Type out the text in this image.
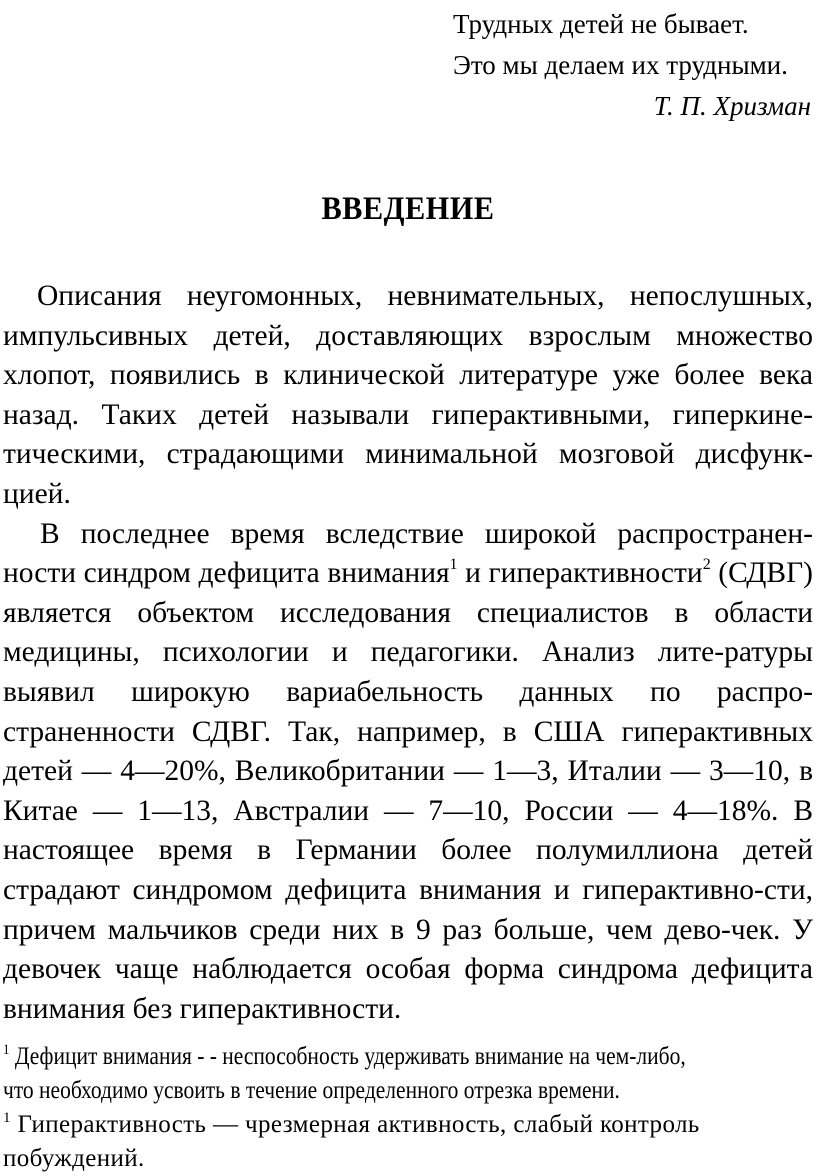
Трудных детей не бывает.
Это мы делаем их трудными.
Т. П. Хризман
ВВЕДЕНИЕ

Описания неугомонных, невнимательных, непослушных, импульсивных детей, доставляющих взрослым множество хлопот, появились в клинической литературе уже более века назад. Таких детей называли гиперактивными, гиперкине-тическими, страдающими минимальной мозговой дисфунк-цией.

В последнее время вследствие широкой распространен-ности синдром дефицита внимания$^1$ и гиперактивности$^2$ (СДВГ) является объектом исследования специалистов в области медицины, психологии и педагогики. Анализ лите-ратуры выявил широкую вариабельность данных по распро-страненности СДВГ. Так, например, в США гиперактивных детей — 4—20%, Великобритании — 1—3, Италии — 3—10, в Китае — 1—13, Австралии — 7—10, России — 4—18%. В настоящее время в Германии более полумиллиона детей страдают синдромом дефицита внимания и гиперактивно-сти, причем мальчиков среди них в 9 раз больше, чем дево-чек. У девочек чаще наблюдается особая форма синдрома дефицита внимания без гиперактивности.

$^1$ Дефицит внимания - - неспособность удерживать внимание на чем-либо,
что необходимо усвоить в течение определенного отрезка времени.
$^1$ Гиперактивность — чрезмерная активность, слабый контроль
побуждений.
